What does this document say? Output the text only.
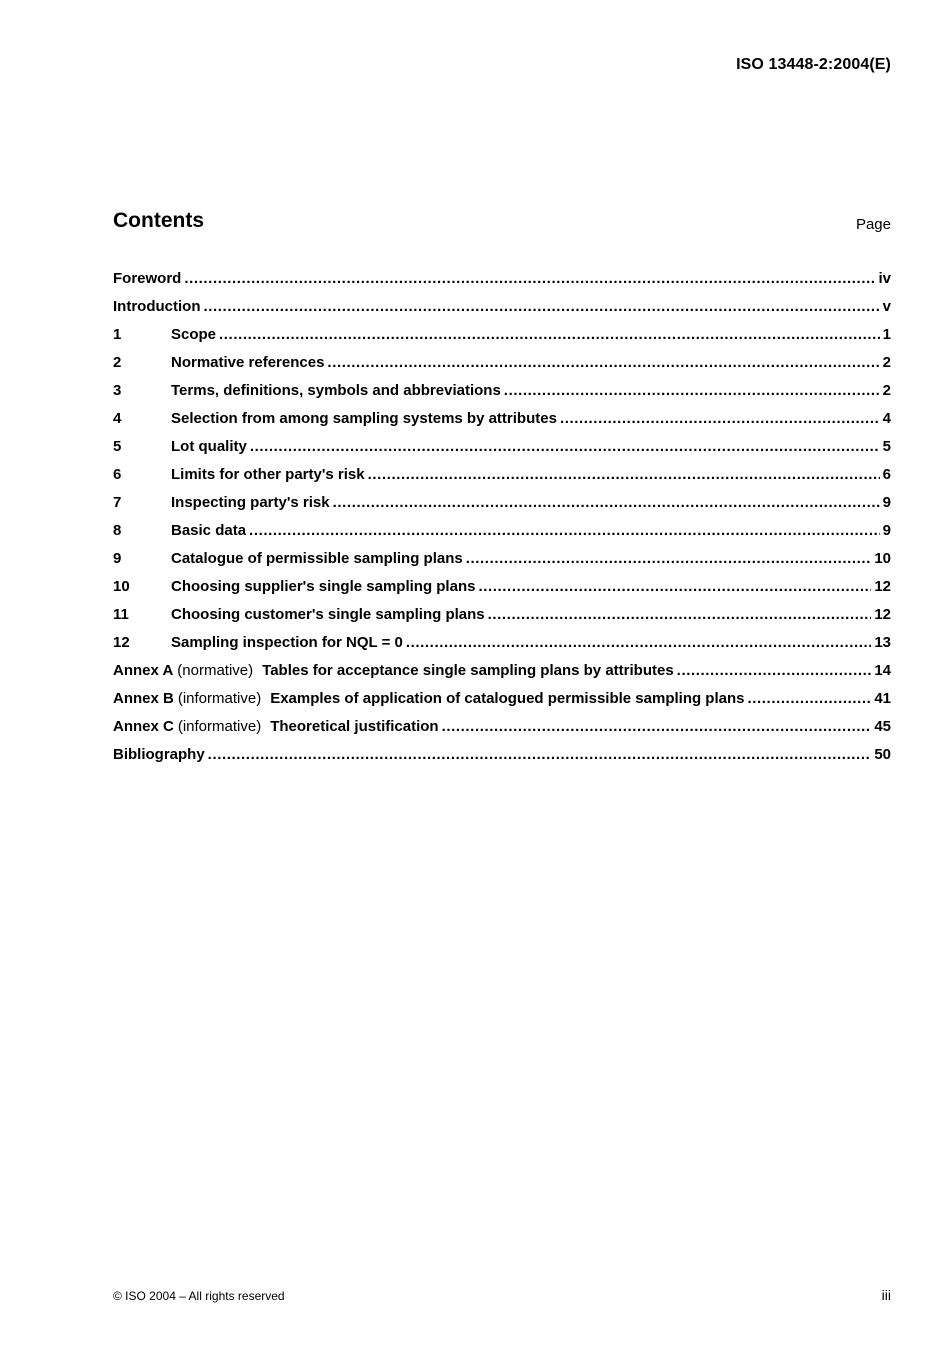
ISO 13448-2:2004(E)
Contents	Page
Foreword .....	iv
Introduction .....	v
1	Scope .....	1
2	Normative references .....	2
3	Terms, definitions, symbols and abbreviations .....	2
4	Selection from among sampling systems by attributes .....	4
5	Lot quality .....	5
6	Limits for other party's risk .....	6
7	Inspecting party's risk .....	9
8	Basic data .....	9
9	Catalogue of permissible sampling plans .....	10
10	Choosing supplier's single sampling plans .....	12
11	Choosing customer's single sampling plans .....	12
12	Sampling inspection for NQL = 0 .....	13
Annex A (normative) Tables for acceptance single sampling plans by attributes .....	14
Annex B (informative) Examples of application of catalogued permissible sampling plans .....	41
Annex C (informative) Theoretical justification .....	45
Bibliography .....	50
© ISO 2004 – All rights reserved	iii
